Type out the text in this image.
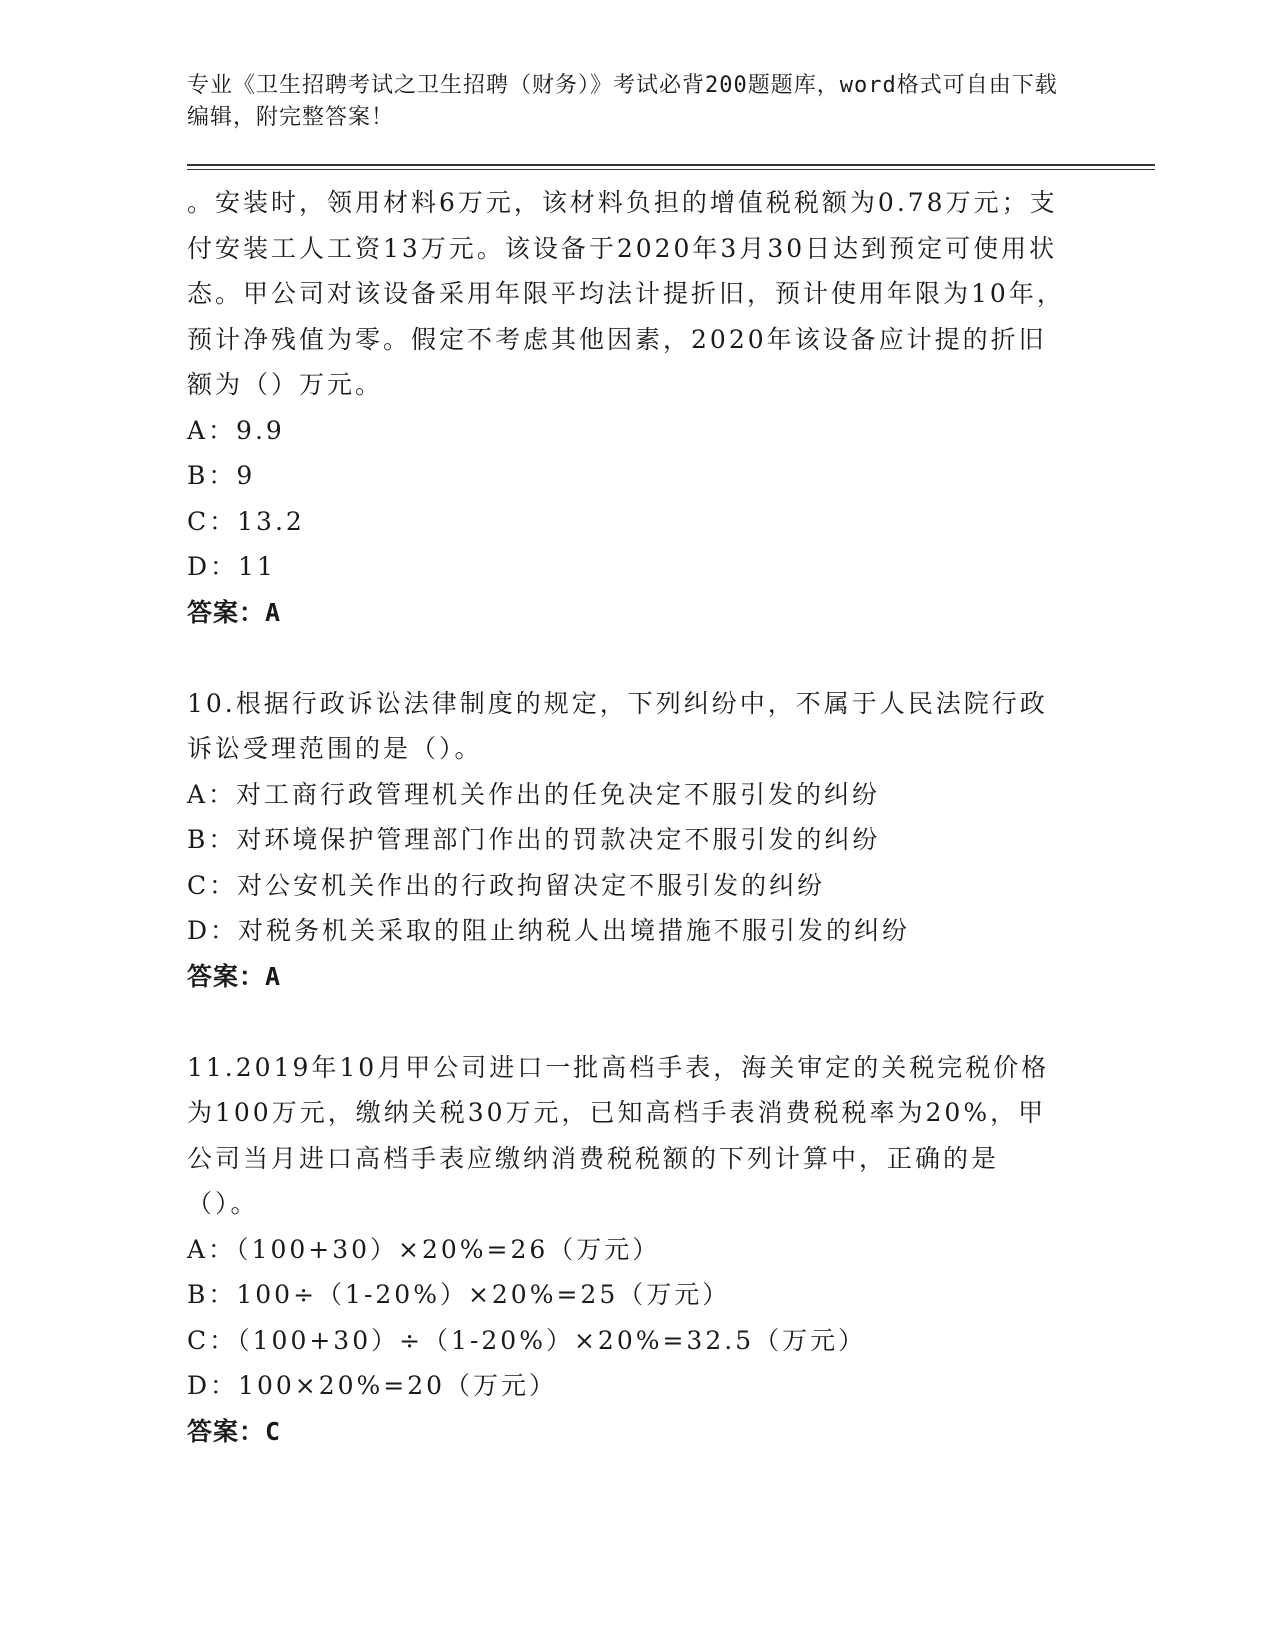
专业《卫生招聘考试之卫生招聘（财务）》考试必背200题题库，word格式可自由下载编辑，附完整答案！
。安装时，领用材料6万元，该材料负担的增值税税额为0.78万元；支付安装工人工资13万元。该设备于2020年3月30日达到预定可使用状态。甲公司对该设备采用年限平均法计提折旧，预计使用年限为10年，预计净残值为零。假定不考虑其他因素，2020年该设备应计提的折旧额为（）万元。
A：9.9
B：9
C：13.2
D：11
答案：A
10.根据行政诉讼法律制度的规定，下列纠纷中，不属于人民法院行政诉讼受理范围的是（）。
A：对工商行政管理机关作出的任免决定不服引发的纠纷
B：对环境保护管理部门作出的罚款决定不服引发的纠纷
C：对公安机关作出的行政拘留决定不服引发的纠纷
D：对税务机关采取的阻止纳税人出境措施不服引发的纠纷
答案：A
11.2019年10月甲公司进口一批高档手表，海关审定的关税完税价格为100万元，缴纳关税30万元，已知高档手表消费税税率为20%，甲公司当月进口高档手表应缴纳消费税税额的下列计算中，正确的是（）。
A：（100+30）×20%=26（万元）
B：100÷（1-20%）×20%=25（万元）
C：（100+30）÷（1-20%）×20%=32.5（万元）
D：100×20%=20（万元）
答案：C
